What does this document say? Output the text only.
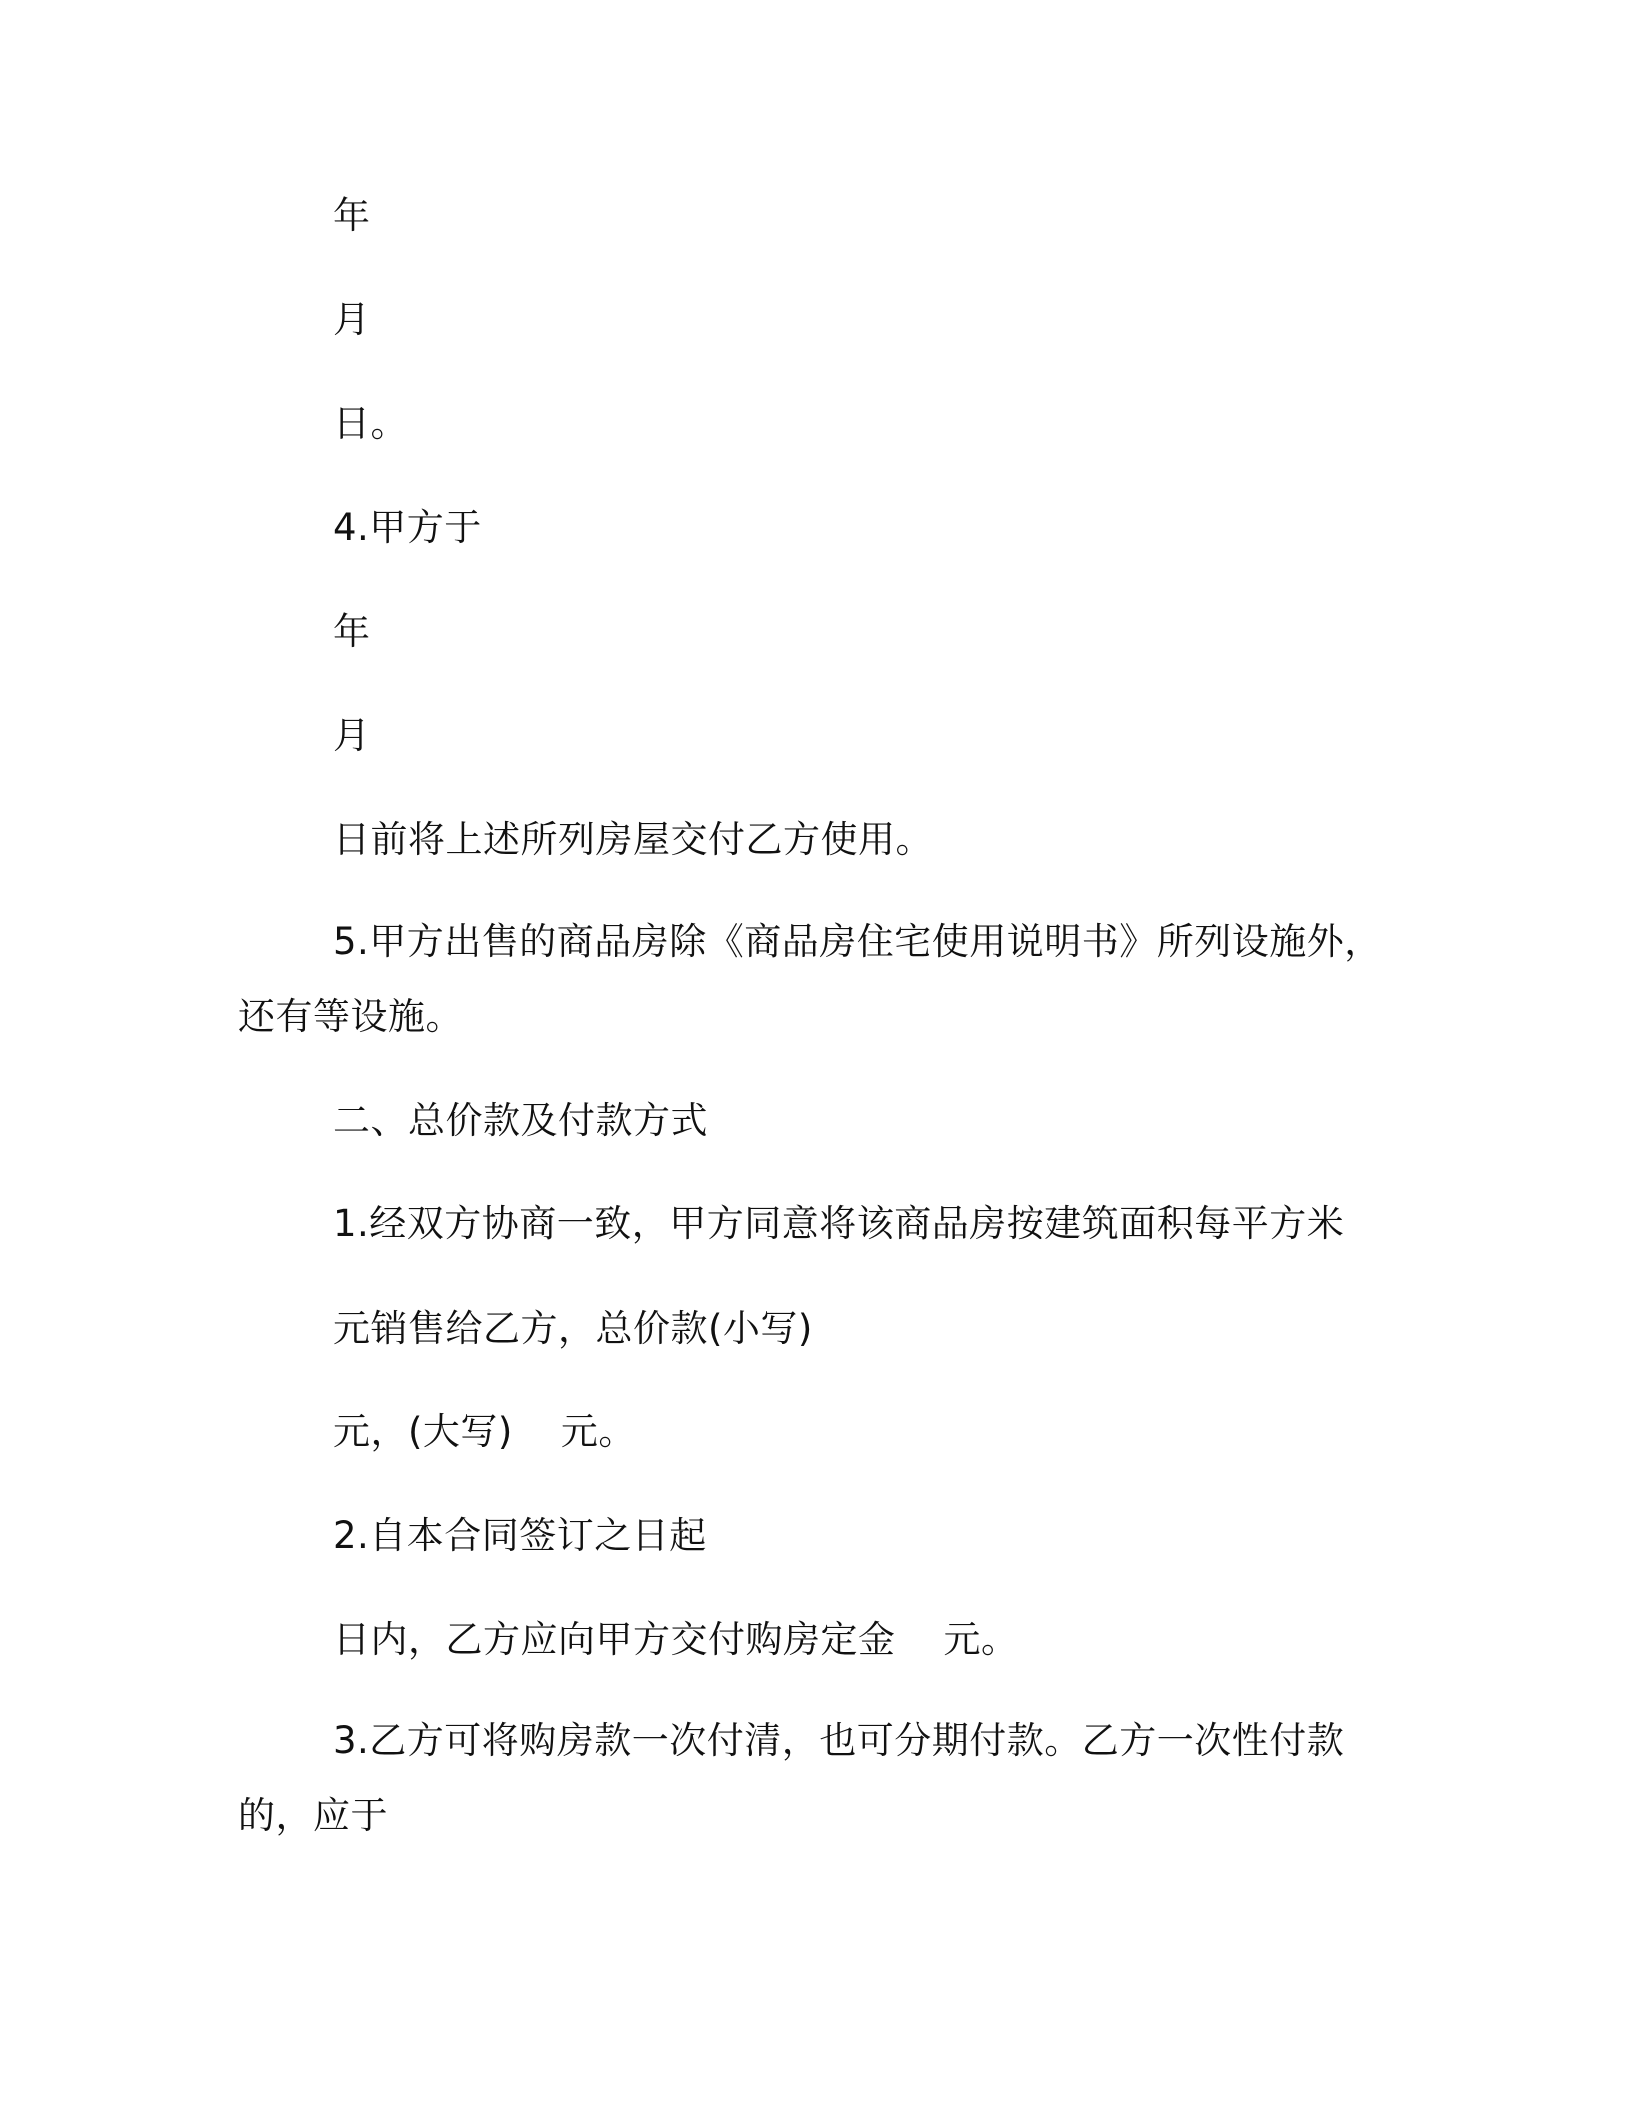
年

月

日。

4.甲方于

年

月

日前将上述所列房屋交付乙方使用。

5.甲方出售的商品房除《商品房住宅使用说明书》所列设施外，

还有等设施。

二、总价款及付款方式

1.经双方协商一致，甲方同意将该商品房按建筑面积每平方米

元销售给乙方，总价款(小写)

元，(大写) 元。

2.自本合同签订之日起

日内，乙方应向甲方交付购房定金 元。

3.乙方可将购房款一次付清，也可分期付款。乙方一次性付款

的，应于
